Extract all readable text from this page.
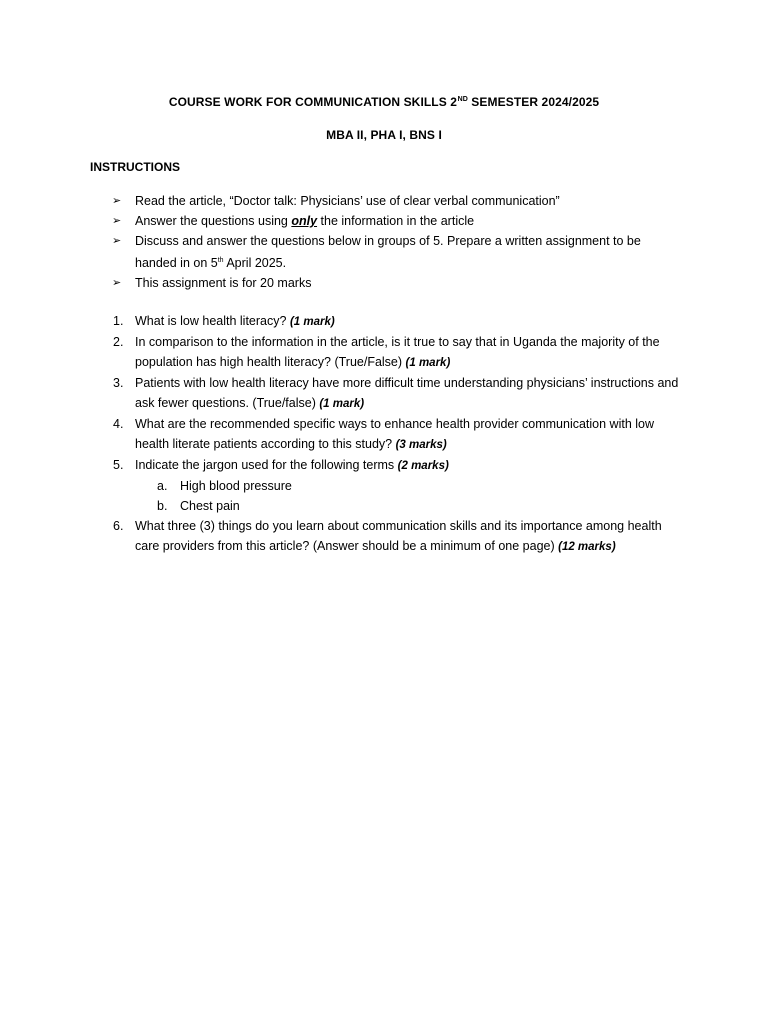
COURSE WORK FOR COMMUNICATION SKILLS 2ND SEMESTER 2024/2025
MBA II, PHA I, BNS I
INSTRUCTIONS
➢ Read the article, “Doctor talk: Physicians’ use of clear verbal communication”
➢ Answer the questions using only the information in the article
➢ Discuss and answer the questions below in groups of 5. Prepare a written assignment to be handed in on 5th April 2025.
➢ This assignment is for 20 marks
1. What is low health literacy? (1 mark)
2. In comparison to the information in the article, is it true to say that in Uganda the majority of the population has high health literacy? (True/False) (1 mark)
3. Patients with low health literacy have more difficult time understanding physicians’ instructions and ask fewer questions. (True/false) (1 mark)
4. What are the recommended specific ways to enhance health provider communication with low health literate patients according to this study? (3 marks)
5. Indicate the jargon used for the following terms (2 marks)
a. High blood pressure
b. Chest pain
6. What three (3) things do you learn about communication skills and its importance among health care providers from this article? (Answer should be a minimum of one page) (12 marks)
